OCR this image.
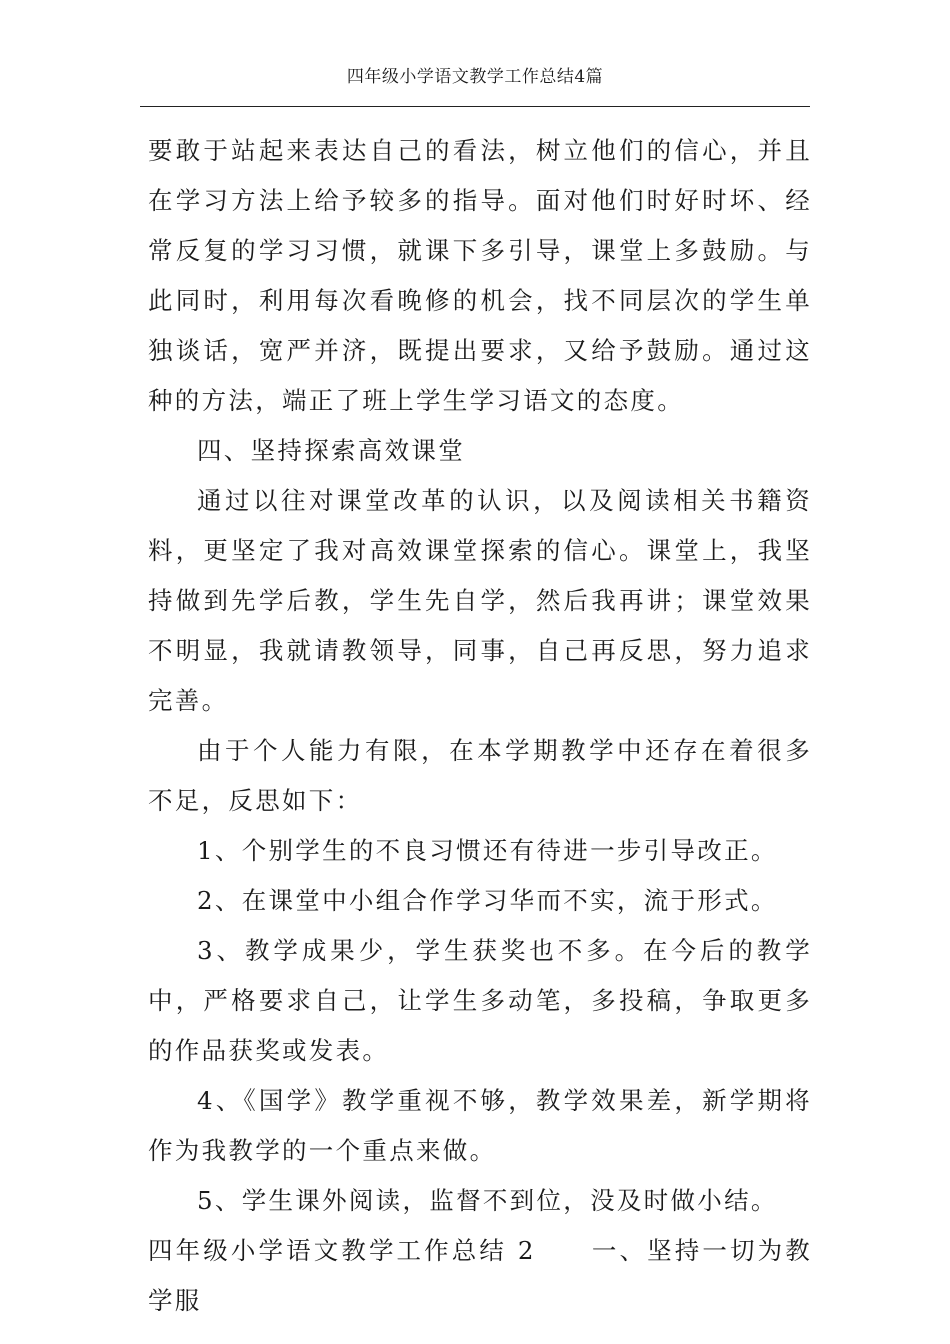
四年级小学语文教学工作总结4篇

要敢于站起来表达自己的看法，树立他们的信心，并且在学习方法上给予较多的指导。面对他们时好时坏、经常反复的学习习惯，就课下多引导，课堂上多鼓励。与此同时，利用每次看晚修的机会，找不同层次的学生单独谈话，宽严并济，既提出要求，又给予鼓励。通过这种的方法，端正了班上学生学习语文的态度。

四、坚持探索高效课堂

通过以往对课堂改革的认识，以及阅读相关书籍资料，更坚定了我对高效课堂探索的信心。课堂上，我坚持做到先学后教，学生先自学，然后我再讲；课堂效果不明显，我就请教领导，同事，自己再反思，努力追求完善。

由于个人能力有限，在本学期教学中还存在着很多不足，反思如下：

1、个别学生的不良习惯还有待进一步引导改正。

2、在课堂中小组合作学习华而不实，流于形式。

3、教学成果少，学生获奖也不多。在今后的教学中，严格要求自己，让学生多动笔，多投稿，争取更多的作品获奖或发表。

4、《国学》教学重视不够，教学效果差，新学期将作为我教学的一个重点来做。

5、学生课外阅读，监督不到位，没及时做小结。

四年级小学语文教学工作总结 2　　一、坚持一切为教学服
